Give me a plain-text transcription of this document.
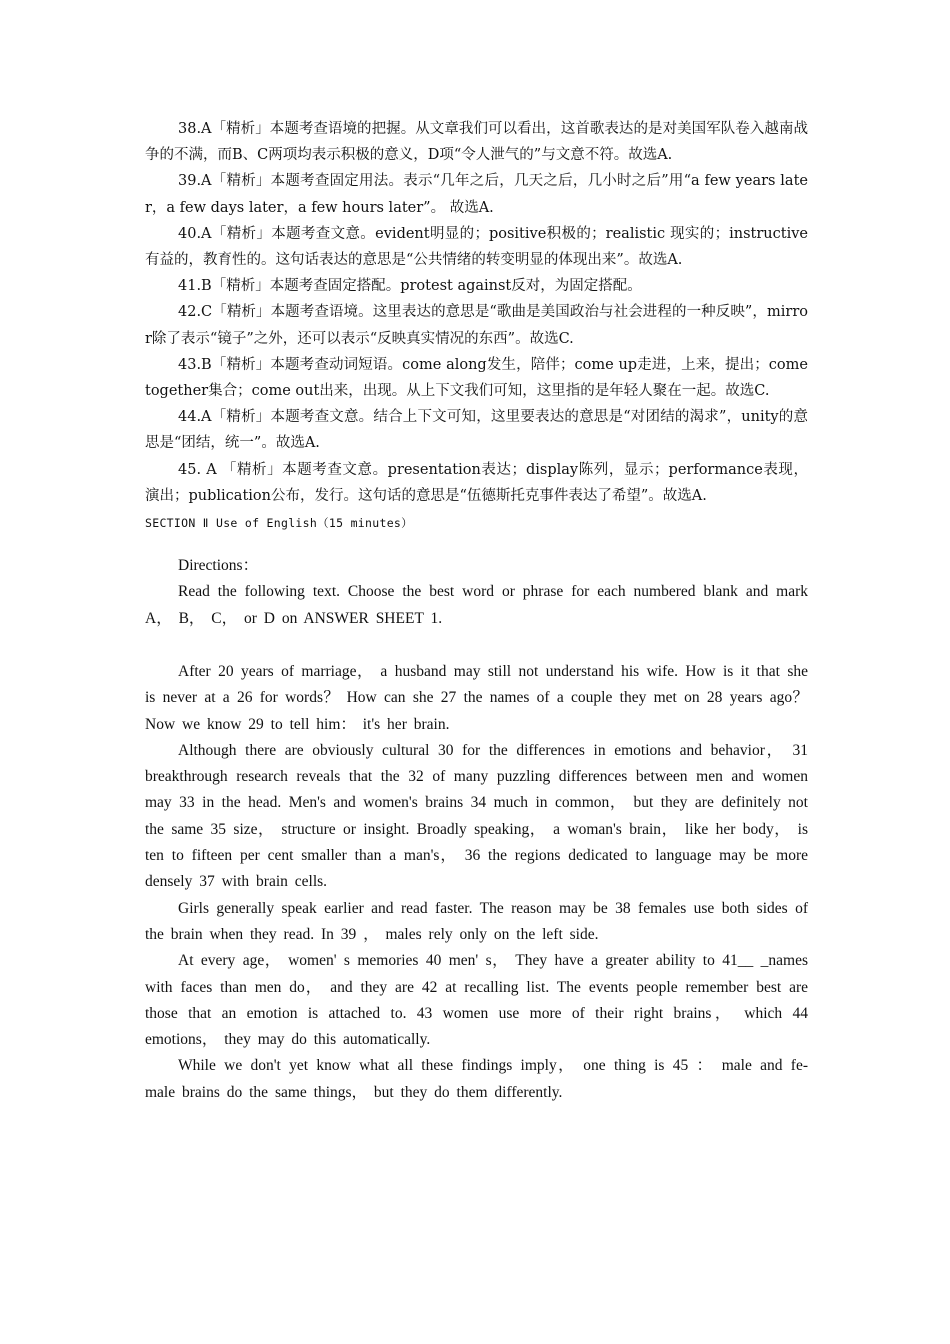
38.A「精析」本题考查语境的把握。从文章我们可以看出，这首歌表达的是对美国军队卷入越南战争的不满，而B、C两项均表示积极的意义，D项“令人泄气的”与文意不符。故选A.

39.A「精析」本题考查固定用法。表示“几年之后，几天之后，几小时之后”用“a few years later，a few days later，a few hours later”。 故选A.

40.A「精析」本题考查文意。evident明显的；positive积极的；realistic 现实的；instructive有益的，教育性的。这句话表达的意思是“公共情绪的转变明显的体现出来”。故选A.

41.B「精析」本题考查固定搭配。protest against反对，为固定搭配。

42.C「精析」本题考查语境。这里表达的意思是“歌曲是美国政治与社会进程的一种反映”，mirror除了表示“镜子”之外，还可以表示“反映真实情况的东西”。故选C.

43.B「精析」本题考查动词短语。come along发生，陪伴；come up走进，上来，提出；come together集合；come out出来，出现。从上下文我们可知，这里指的是年轻人聚在一起。故选C.

44.A「精析」本题考查文意。结合上下文可知，这里要表达的意思是“对团结的渴求”，unity的意思是“团结，统一”。故选A.

45. A 「精析」本题考查文意。presentation表达；display陈列，显示；performance表现，演出；publication公布，发行。这句话的意思是“伍德斯托克事件表达了希望”。故选A.

SECTION Ⅱ Use of English（15 minutes）

Directions：

Read the following text. Choose the best word or phrase for each numbered blank and mark A， B， C， or D on ANSWER SHEET 1.

After 20 years of marriage， a husband may still not understand his wife. How is it that she is never at a 26 for words？ How can she 27 the names of a couple they met on 28 years ago？ Now we know 29 to tell him： it's her brain.

Although there are obviously cultural 30 for the differences in emotions and behavior， 31 breakthrough research reveals that the 32 of many puzzling differences between men and women may 33 in the head. Men's and women's brains 34 much in common， but they are definitely not the same 35 size， structure or insight. Broadly speaking， a woman's brain， like her body， is ten to fifteen per cent smaller than a man's， 36 the regions dedicated to language may be more densely 37 with brain cells.

Girls generally speak earlier and read faster. The reason may be 38 females use both sides of the brain when they read. In 39 ， males rely only on the left side.

At every age， women' s memories 40 men' s， They have a greater ability to 41__ _names with faces than men do， and they are 42 at recalling list. The events people remember best are those that an emotion is attached to. 43 women use more of their right brains， which 44 emotions， they may do this automatically.

While we don't yet know what all these findings imply， one thing is 45 ： male and fe-male brains do the same things， but they do them differently.
